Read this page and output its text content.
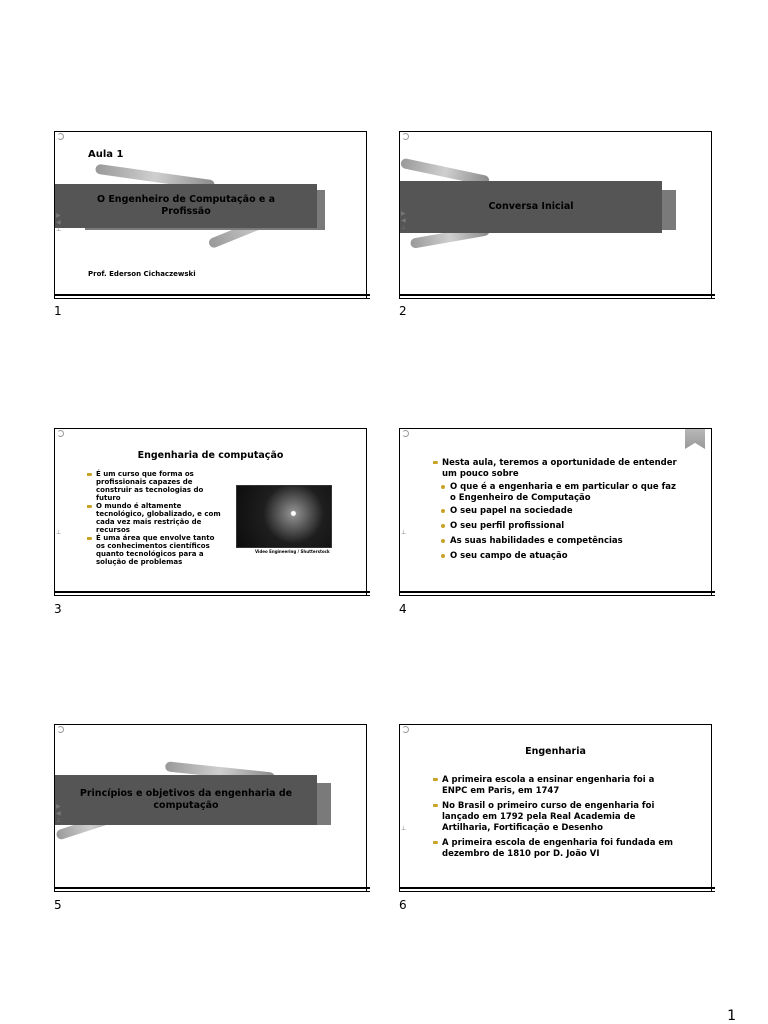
Aula 1
O Engenheiro de Computação e a Profissão
▶
◀
⊥
Prof. Ederson Cichaczewski
1
Conversa Inicial
▶
◀
⊥
2
Engenharia de computação
É um curso que forma os profissionais capazes de construir as tecnologias do futuro
O mundo é altamente tecnológico, globalizado, e com cada vez mais restrição de recursos
É uma área que envolve tanto os conhecimentos científicos quanto tecnológicos para a solução de problemas
Video Engineering / Shutterstock
⊥
3
Nesta aula, teremos a oportunidade de entender um pouco sobre
O que é a engenharia e em particular o que faz o Engenheiro de Computação
O seu papel na sociedade
O seu perfil profissional
As suas habilidades e competências
O seu campo de atuação
⊥
4
Princípios e objetivos da engenharia de computação
▶
◀
⊥
5
Engenharia
A primeira escola a ensinar engenharia foi a ENPC em Paris, em 1747
No Brasil o primeiro curso de engenharia foi lançado em 1792 pela Real Academia de Artilharia, Fortificação e Desenho
A primeira escola de engenharia foi fundada em dezembro de 1810 por D. João VI
⊥
6
1
